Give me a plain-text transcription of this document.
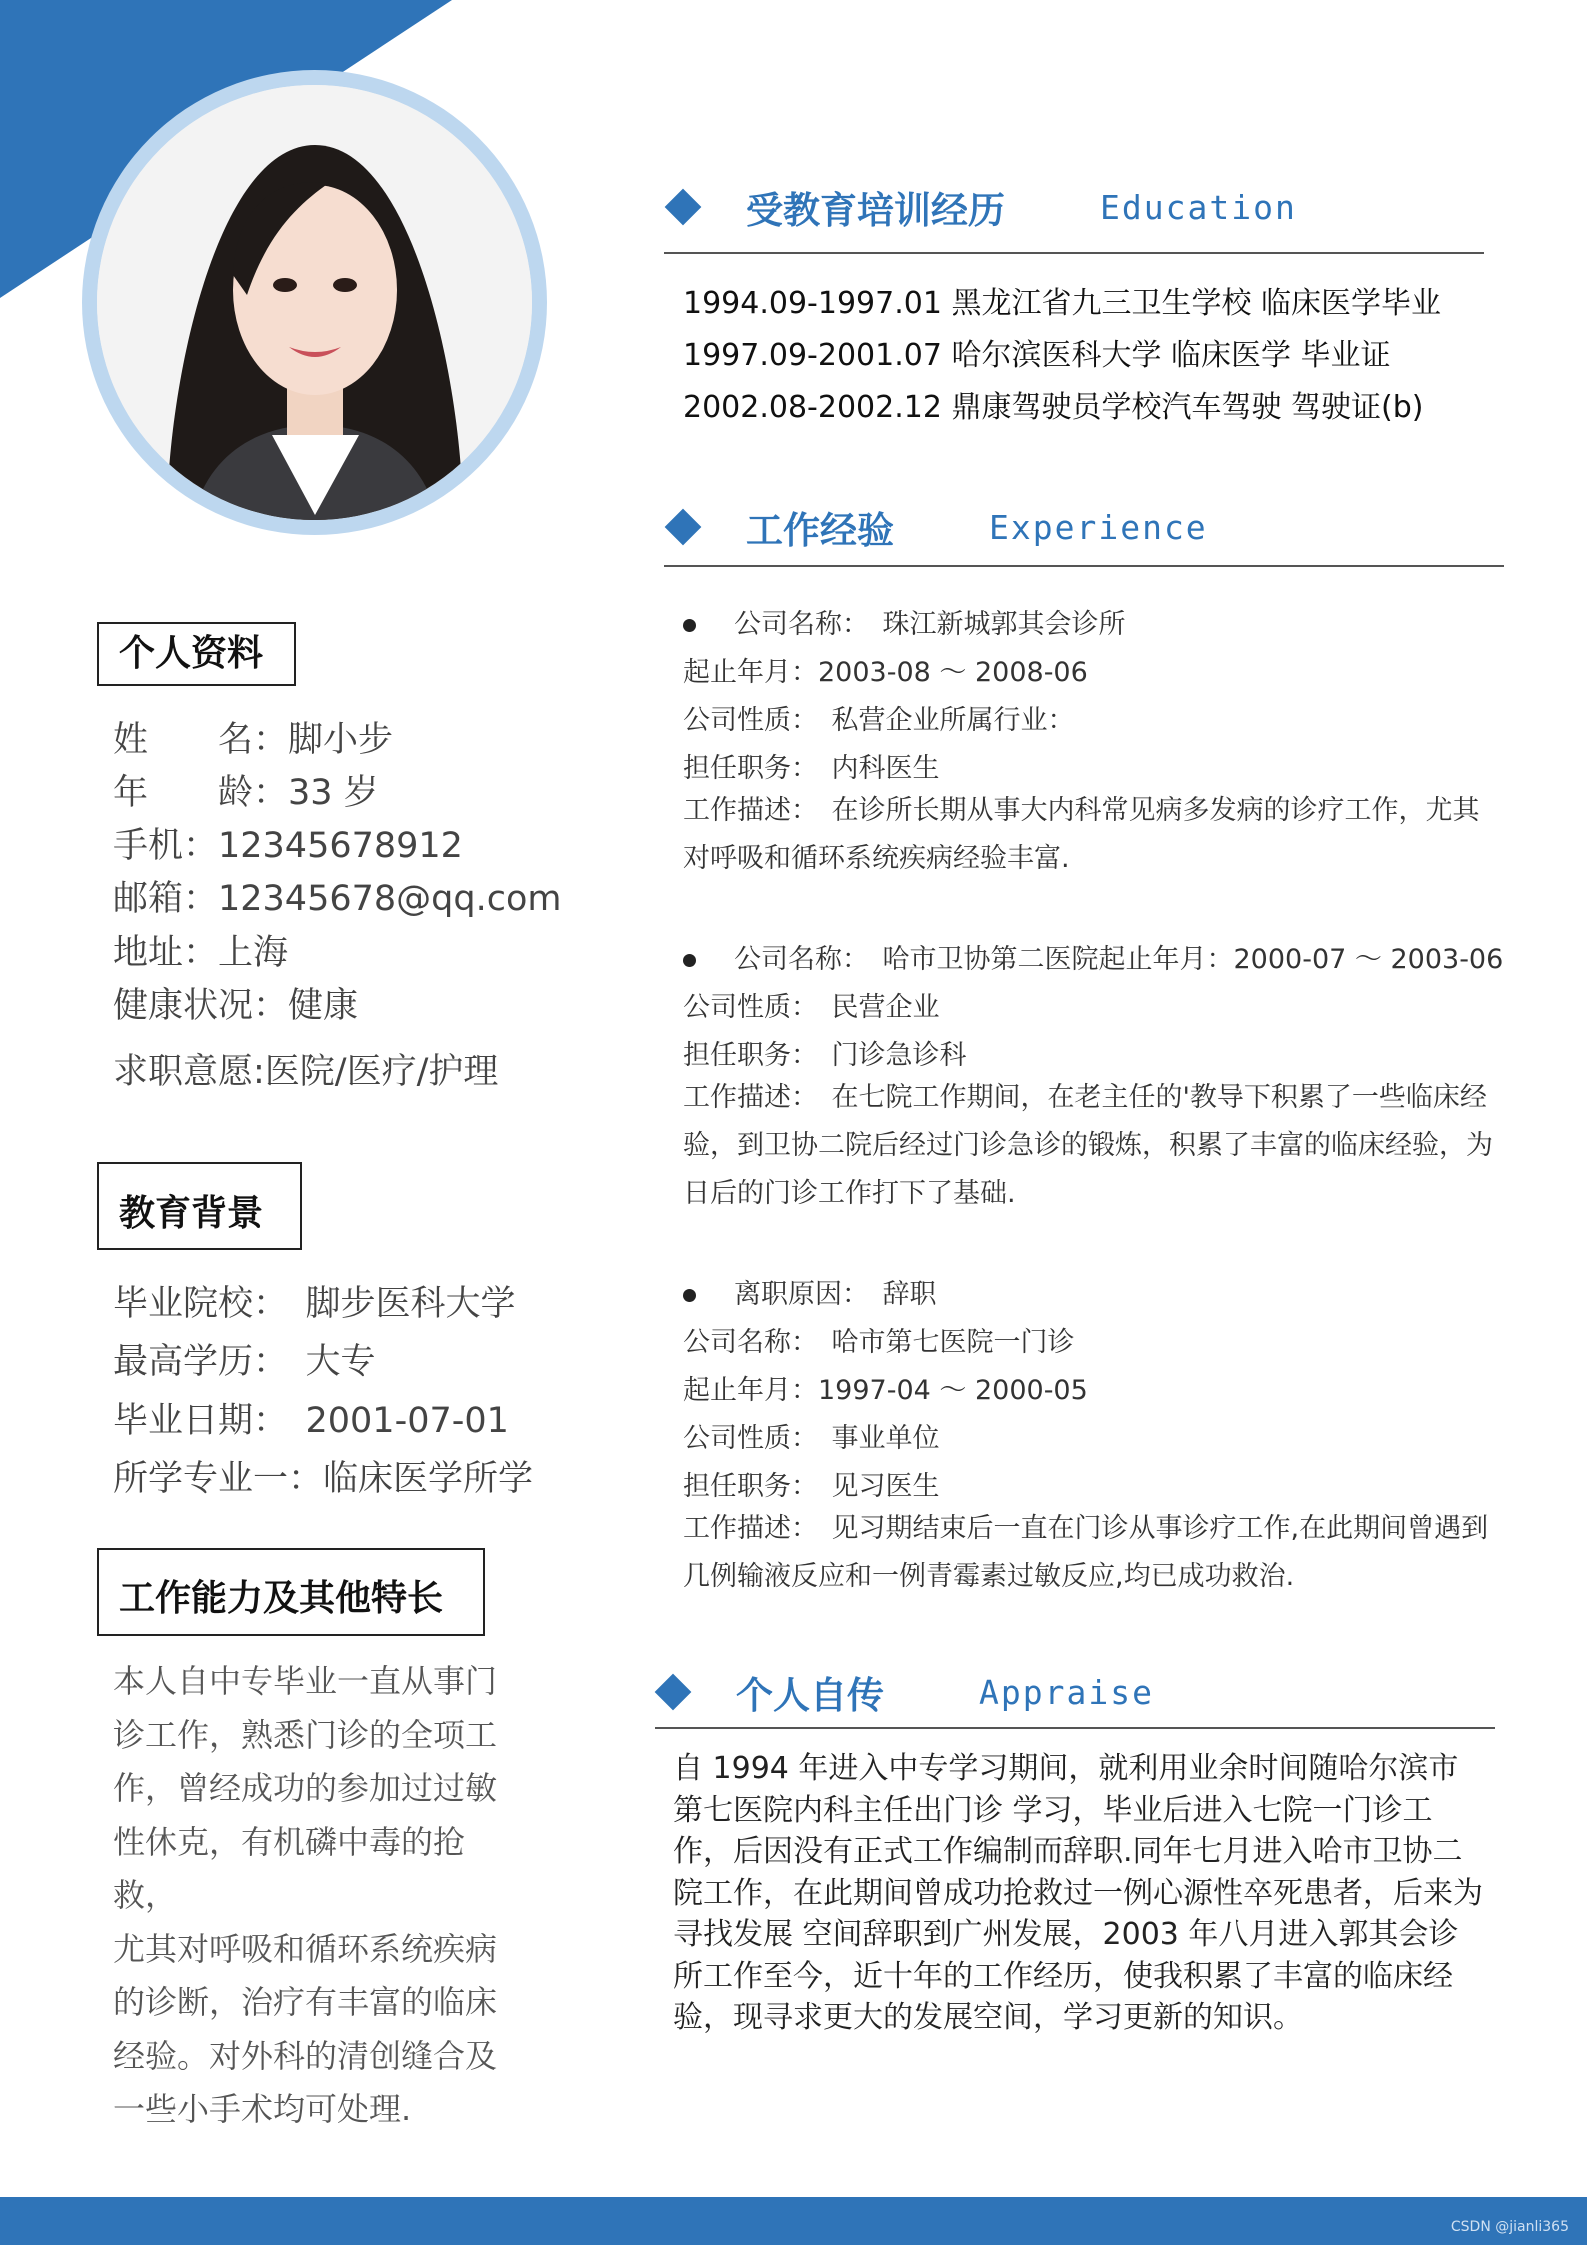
个人资料
姓　　名：脚小步
年　　龄：33 岁
手机：12345678912
邮箱：12345678@qq.com
地址：上海
健康状况：健康
求职意愿:医院/医疗/护理
教育背景
毕业院校：　脚步医科大学
最高学历：　大专
毕业日期：　2001-07-01
所学专业一：临床医学所学
工作能力及其他特长

本人自中专毕业一直从事门
诊工作，熟悉门诊的全项工
作，曾经成功的参加过过敏
性休克，有机磷中毒的抢救，
尤其对呼吸和循环系统疾病
的诊断，治疗有丰富的临床
经验。对外科的清创缝合及
一些小手术均可处理.

受教育培训经历	Education
1994.09-1997.01 黑龙江省九三卫生学校 临床医学毕业
1997.09-2001.07 哈尔滨医科大学 临床医学 毕业证
2002.08-2002.12 鼎康驾驶员学校汽车驾驶 驾驶证(b)
工作经验	Experience
公司名称：　珠江新城郭其会诊所
起止年月：2003-08 ～ 2008-06
公司性质：　私营企业所属行业：
担任职务：　内科医生

工作描述：　在诊所长期从事大内科常见病多发病的诊疗工作，尤其对呼吸和循环系统疾病经验丰富.

公司名称：　哈市卫协第二医院起止年月：2000-07 ～ 2003-06
公司性质：　民营企业
担任职务：　门诊急诊科

工作描述：　在七院工作期间，在老主任的'教导下积累了一些临床经验，到卫协二院后经过门诊急诊的锻炼，积累了丰富的临床经验，为日后的门诊工作打下了基础.

离职原因：　辞职
公司名称：　哈市第七医院一门诊
起止年月：1997-04 ～ 2000-05
公司性质：　事业单位
担任职务：　见习医生

工作描述：　见习期结束后一直在门诊从事诊疗工作,在此期间曾遇到几例输液反应和一例青霉素过敏反应,均已成功救治.

个人自传	Appraise

自 1994 年进入中专学习期间，就利用业余时间随哈尔滨市第七医院内科主任出门诊 学习，毕业后进入七院一门诊工作，后因没有正式工作编制而辞职.同年七月进入哈市卫协二院工作，在此期间曾成功抢救过一例心源性卒死患者，后来为寻找发展 空间辞职到广州发展，2003 年八月进入郭其会诊所工作至今，近十年的工作经历，使我积累了丰富的临床经验，现寻求更大的发展空间，学习更新的知识。

CSDN @jianli365
